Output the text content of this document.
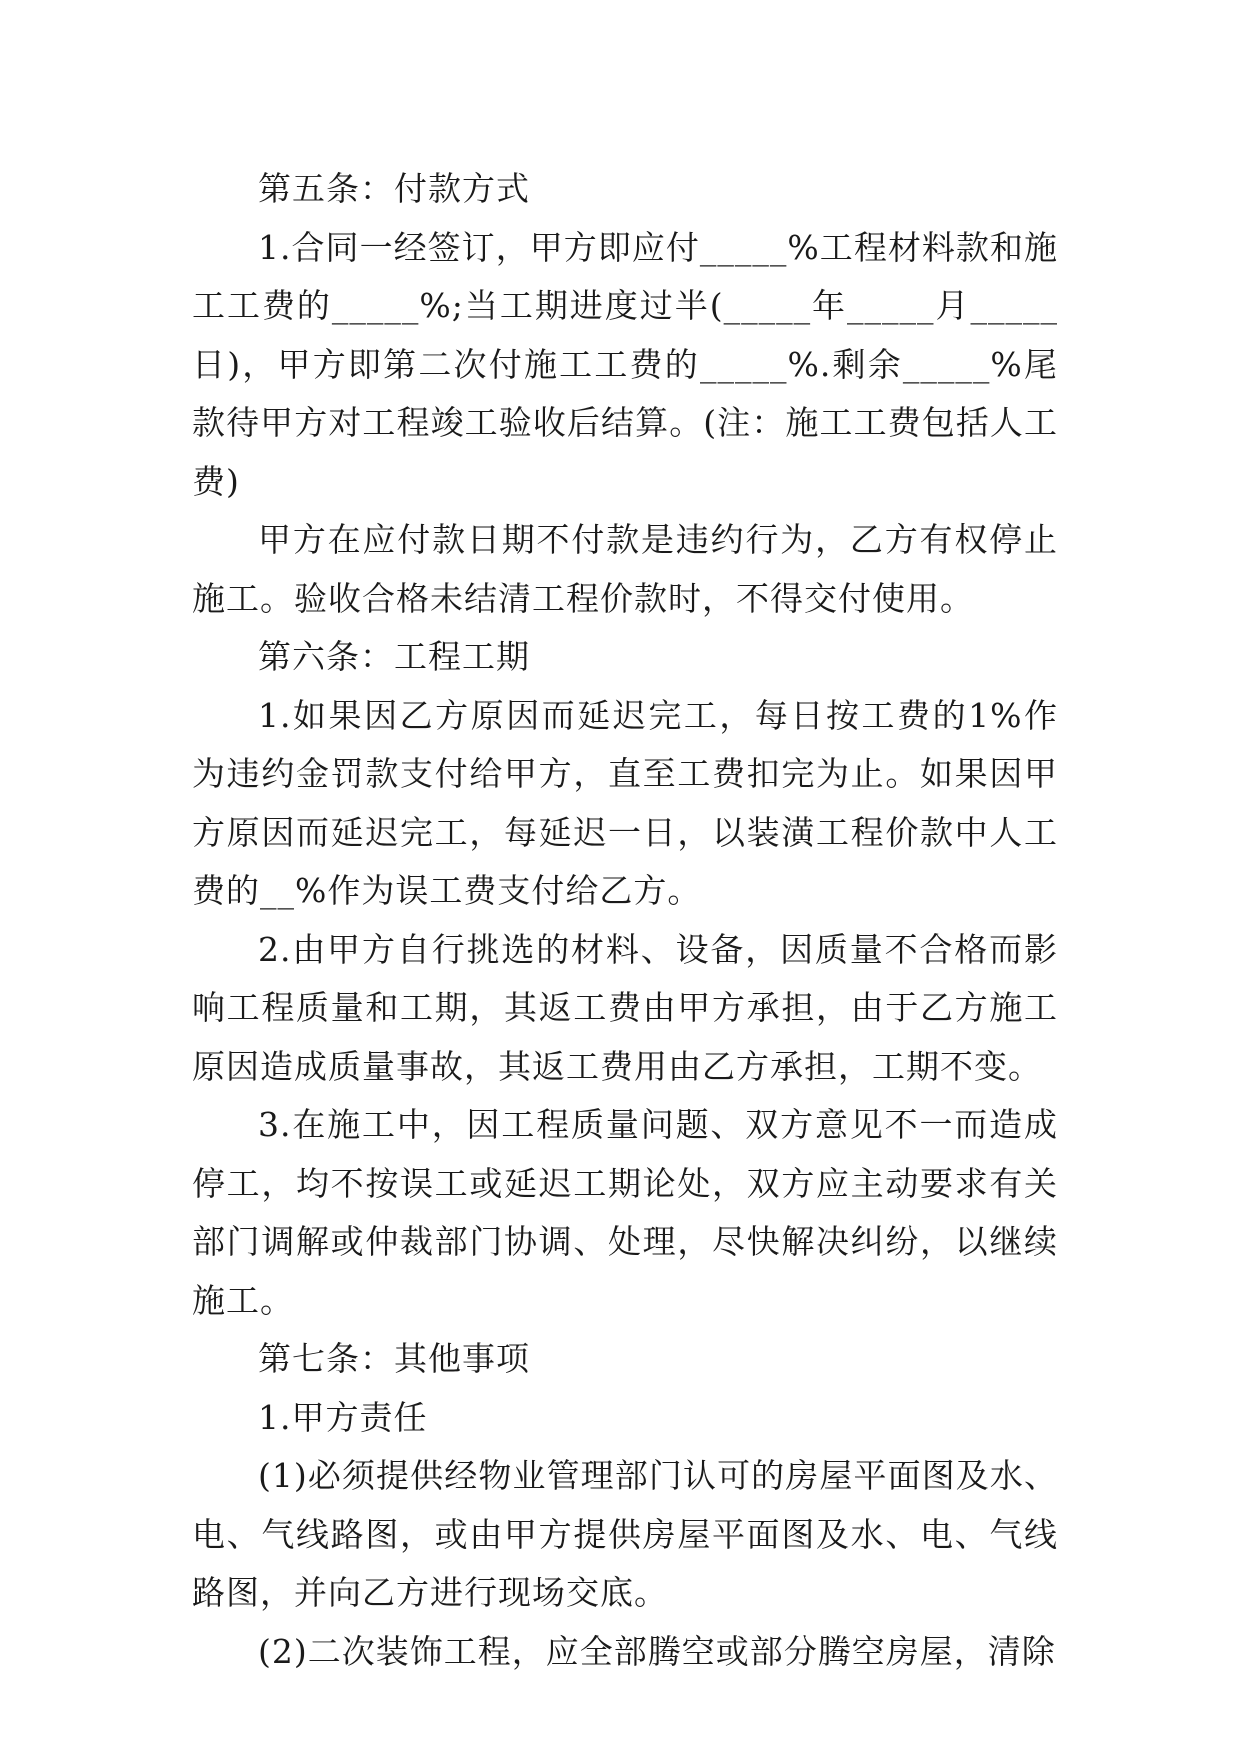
第五条：付款方式

1.合同一经签订，甲方即应付_____%工程材料款和施工工费的_____%;当工期进度过半(_____年_____月_____日)，甲方即第二次付施工工费的_____%.剩余_____%尾款待甲方对工程竣工验收后结算。(注：施工工费包括人工费)

甲方在应付款日期不付款是违约行为，乙方有权停止施工。验收合格未结清工程价款时，不得交付使用。

第六条：工程工期

1.如果因乙方原因而延迟完工，每日按工费的1%作为违约金罚款支付给甲方，直至工费扣完为止。如果因甲方原因而延迟完工，每延迟一日，以装潢工程价款中人工费的__%作为误工费支付给乙方。

2.由甲方自行挑选的材料、设备，因质量不合格而影响工程质量和工期，其返工费由甲方承担，由于乙方施工原因造成质量事故，其返工费用由乙方承担，工期不变。

3.在施工中，因工程质量问题、双方意见不一而造成停工，均不按误工或延迟工期论处，双方应主动要求有关部门调解或仲裁部门协调、处理，尽快解决纠纷，以继续施工。

第七条：其他事项

1.甲方责任

(1)必须提供经物业管理部门认可的房屋平面图及水、电、气线路图，或由甲方提供房屋平面图及水、电、气线路图，并向乙方进行现场交底。

(2)二次装饰工程，应全部腾空或部分腾空房屋，清除
